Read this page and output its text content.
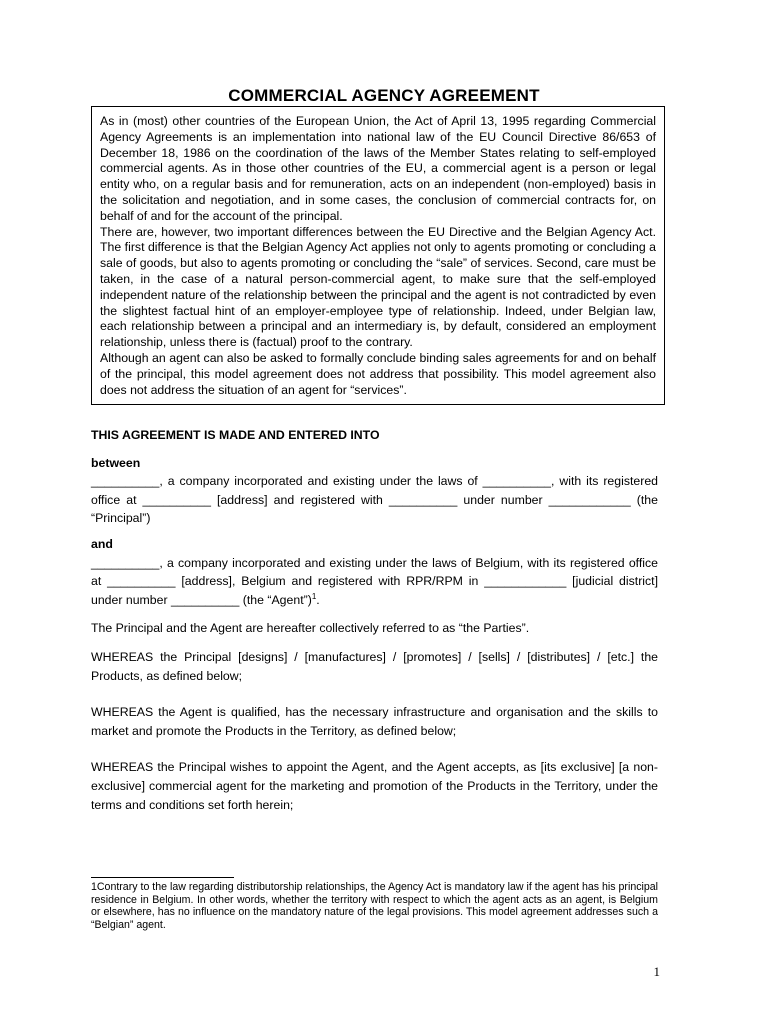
COMMERCIAL AGENCY AGREEMENT

As in (most) other countries of the European Union, the Act of April 13, 1995 regarding Commercial Agency Agreements is an implementation into national law of the EU Council Directive 86/653 of December 18, 1986 on the coordination of the laws of the Member States relating to self-employed commercial agents. As in those other countries of the EU, a commercial agent is a person or legal entity who, on a regular basis and for remuneration, acts on an independent (non-employed) basis in the solicitation and negotiation, and in some cases, the conclusion of commercial contracts for, on behalf of and for the account of the principal.

There are, however, two important differences between the EU Directive and the Belgian Agency Act. The first difference is that the Belgian Agency Act applies not only to agents promoting or concluding a sale of goods, but also to agents promoting or concluding the “sale” of services. Second, care must be taken, in the case of a natural person-commercial agent, to make sure that the self-employed independent nature of the relationship between the principal and the agent is not contradicted by even the slightest factual hint of an employer-employee type of relationship. Indeed, under Belgian law, each relationship between a principal and an intermediary is, by default, considered an employment relationship, unless there is (factual) proof to the contrary.

Although an agent can also be asked to formally conclude binding sales agreements for and on behalf of the principal, this model agreement does not address that possibility. This model agreement also does not address the situation of an agent for “services”.

THIS AGREEMENT IS MADE AND ENTERED INTO

between

__________, a company incorporated and existing under the laws of __________, with its registered office at __________ [address] and registered with __________ under number ____________ (the “Principal”)

and

__________, a company incorporated and existing under the laws of Belgium, with its registered office at __________ [address], Belgium and registered with RPR/RPM in ____________ [judicial district] under number __________ (the “Agent”)$^1$.

The Principal and the Agent are hereafter collectively referred to as “the Parties”.

WHEREAS the Principal [designs] / [manufactures] / [promotes] / [sells] / [distributes] / [etc.] the Products, as defined below;

WHEREAS the Agent is qualified, has the necessary infrastructure and organisation and the skills to market and promote the Products in the Territory, as defined below;

WHEREAS the Principal wishes to appoint the Agent, and the Agent accepts, as [its exclusive] [a non-exclusive] commercial agent for the marketing and promotion of the Products in the Territory, under the terms and conditions set forth herein;

1Contrary to the law regarding distributorship relationships, the Agency Act is mandatory law if the agent has his principal residence in Belgium. In other words, whether the territory with respect to which the agent acts as an agent, is Belgium or elsewhere, has no influence on the mandatory nature of the legal provisions. This model agreement addresses such a “Belgian” agent.

1
